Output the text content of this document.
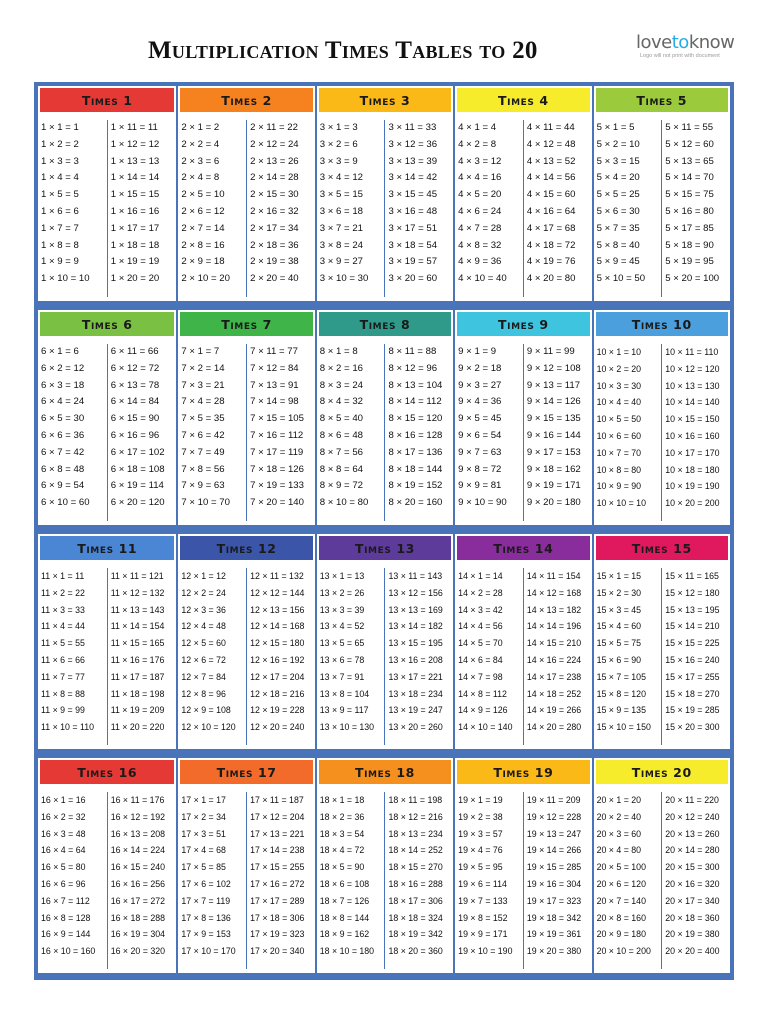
Multiplication Times Tables to 20	lovetoknow
Logo will not print with document
Times 1
1 × 1 = 1
1 × 2 = 2
1 × 3 = 3
1 × 4 = 4
1 × 5 = 5
1 × 6 = 6
1 × 7 = 7
1 × 8 = 8
1 × 9 = 9
1 × 10 = 10
1 × 11 = 11
1 × 12 = 12
1 × 13 = 13
1 × 14 = 14
1 × 15 = 15
1 × 16 = 16
1 × 17 = 17
1 × 18 = 18
1 × 19 = 19
1 × 20 = 20
Times 2
2 × 1 = 2
2 × 2 = 4
2 × 3 = 6
2 × 4 = 8
2 × 5 = 10
2 × 6 = 12
2 × 7 = 14
2 × 8 = 16
2 × 9 = 18
2 × 10 = 20
2 × 11 = 22
2 × 12 = 24
2 × 13 = 26
2 × 14 = 28
2 × 15 = 30
2 × 16 = 32
2 × 17 = 34
2 × 18 = 36
2 × 19 = 38
2 × 20 = 40
Times 3
3 × 1 = 3
3 × 2 = 6
3 × 3 = 9
3 × 4 = 12
3 × 5 = 15
3 × 6 = 18
3 × 7 = 21
3 × 8 = 24
3 × 9 = 27
3 × 10 = 30
3 × 11 = 33
3 × 12 = 36
3 × 13 = 39
3 × 14 = 42
3 × 15 = 45
3 × 16 = 48
3 × 17 = 51
3 × 18 = 54
3 × 19 = 57
3 × 20 = 60
Times 4
4 × 1 = 4
4 × 2 = 8
4 × 3 = 12
4 × 4 = 16
4 × 5 = 20
4 × 6 = 24
4 × 7 = 28
4 × 8 = 32
4 × 9 = 36
4 × 10 = 40
4 × 11 = 44
4 × 12 = 48
4 × 13 = 52
4 × 14 = 56
4 × 15 = 60
4 × 16 = 64
4 × 17 = 68
4 × 18 = 72
4 × 19 = 76
4 × 20 = 80
Times 5
5 × 1 = 5
5 × 2 = 10
5 × 3 = 15
5 × 4 = 20
5 × 5 = 25
5 × 6 = 30
5 × 7 = 35
5 × 8 = 40
5 × 9 = 45
5 × 10 = 50
5 × 11 = 55
5 × 12 = 60
5 × 13 = 65
5 × 14 = 70
5 × 15 = 75
5 × 16 = 80
5 × 17 = 85
5 × 18 = 90
5 × 19 = 95
5 × 20 = 100
Times 6
6 × 1 = 6
6 × 2 = 12
6 × 3 = 18
6 × 4 = 24
6 × 5 = 30
6 × 6 = 36
6 × 7 = 42
6 × 8 = 48
6 × 9 = 54
6 × 10 = 60
6 × 11 = 66
6 × 12 = 72
6 × 13 = 78
6 × 14 = 84
6 × 15 = 90
6 × 16 = 96
6 × 17 = 102
6 × 18 = 108
6 × 19 = 114
6 × 20 = 120
Times 7
7 × 1 = 7
7 × 2 = 14
7 × 3 = 21
7 × 4 = 28
7 × 5 = 35
7 × 6 = 42
7 × 7 = 49
7 × 8 = 56
7 × 9 = 63
7 × 10 = 70
7 × 11 = 77
7 × 12 = 84
7 × 13 = 91
7 × 14 = 98
7 × 15 = 105
7 × 16 = 112
7 × 17 = 119
7 × 18 = 126
7 × 19 = 133
7 × 20 = 140
Times 8
8 × 1 = 8
8 × 2 = 16
8 × 3 = 24
8 × 4 = 32
8 × 5 = 40
8 × 6 = 48
8 × 7 = 56
8 × 8 = 64
8 × 9 = 72
8 × 10 = 80
8 × 11 = 88
8 × 12 = 96
8 × 13 = 104
8 × 14 = 112
8 × 15 = 120
8 × 16 = 128
8 × 17 = 136
8 × 18 = 144
8 × 19 = 152
8 × 20 = 160
Times 9
9 × 1 = 9
9 × 2 = 18
9 × 3 = 27
9 × 4 = 36
9 × 5 = 45
9 × 6 = 54
9 × 7 = 63
9 × 8 = 72
9 × 9 = 81
9 × 10 = 90
9 × 11 = 99
9 × 12 = 108
9 × 13 = 117
9 × 14 = 126
9 × 15 = 135
9 × 16 = 144
9 × 17 = 153
9 × 18 = 162
9 × 19 = 171
9 × 20 = 180
Times 10
10 × 1 = 10
10 × 2 = 20
10 × 3 = 30
10 × 4 = 40
10 × 5 = 50
10 × 6 = 60
10 × 7 = 70
10 × 8 = 80
10 × 9 = 90
10 × 10 = 10
10 × 11 = 110
10 × 12 = 120
10 × 13 = 130
10 × 14 = 140
10 × 15 = 150
10 × 16 = 160
10 × 17 = 170
10 × 18 = 180
10 × 19 = 190
10 × 20 = 200
Times 11
11 × 1 = 11
11 × 2 = 22
11 × 3 = 33
11 × 4 = 44
11 × 5 = 55
11 × 6 = 66
11 × 7 = 77
11 × 8 = 88
11 × 9 = 99
11 × 10 = 110
11 × 11 = 121
11 × 12 = 132
11 × 13 = 143
11 × 14 = 154
11 × 15 = 165
11 × 16 = 176
11 × 17 = 187
11 × 18 = 198
11 × 19 = 209
11 × 20 = 220
Times 12
12 × 1 = 12
12 × 2 = 24
12 × 3 = 36
12 × 4 = 48
12 × 5 = 60
12 × 6 = 72
12 × 7 = 84
12 × 8 = 96
12 × 9 = 108
12 × 10 = 120
12 × 11 = 132
12 × 12 = 144
12 × 13 = 156
12 × 14 = 168
12 × 15 = 180
12 × 16 = 192
12 × 17 = 204
12 × 18 = 216
12 × 19 = 228
12 × 20 = 240
Times 13
13 × 1 = 13
13 × 2 = 26
13 × 3 = 39
13 × 4 = 52
13 × 5 = 65
13 × 6 = 78
13 × 7 = 91
13 × 8 = 104
13 × 9 = 117
13 × 10 = 130
13 × 11 = 143
13 × 12 = 156
13 × 13 = 169
13 × 14 = 182
13 × 15 = 195
13 × 16 = 208
13 × 17 = 221
13 × 18 = 234
13 × 19 = 247
13 × 20 = 260
Times 14
14 × 1 = 14
14 × 2 = 28
14 × 3 = 42
14 × 4 = 56
14 × 5 = 70
14 × 6 = 84
14 × 7 = 98
14 × 8 = 112
14 × 9 = 126
14 × 10 = 140
14 × 11 = 154
14 × 12 = 168
14 × 13 = 182
14 × 14 = 196
14 × 15 = 210
14 × 16 = 224
14 × 17 = 238
14 × 18 = 252
14 × 19 = 266
14 × 20 = 280
Times 15
15 × 1 = 15
15 × 2 = 30
15 × 3 = 45
15 × 4 = 60
15 × 5 = 75
15 × 6 = 90
15 × 7 = 105
15 × 8 = 120
15 × 9 = 135
15 × 10 = 150
15 × 11 = 165
15 × 12 = 180
15 × 13 = 195
15 × 14 = 210
15 × 15 = 225
15 × 16 = 240
15 × 17 = 255
15 × 18 = 270
15 × 19 = 285
15 × 20 = 300
Times 16
16 × 1 = 16
16 × 2 = 32
16 × 3 = 48
16 × 4 = 64
16 × 5 = 80
16 × 6 = 96
16 × 7 = 112
16 × 8 = 128
16 × 9 = 144
16 × 10 = 160
16 × 11 = 176
16 × 12 = 192
16 × 13 = 208
16 × 14 = 224
16 × 15 = 240
16 × 16 = 256
16 × 17 = 272
16 × 18 = 288
16 × 19 = 304
16 × 20 = 320
Times 17
17 × 1 = 17
17 × 2 = 34
17 × 3 = 51
17 × 4 = 68
17 × 5 = 85
17 × 6 = 102
17 × 7 = 119
17 × 8 = 136
17 × 9 = 153
17 × 10 = 170
17 × 11 = 187
17 × 12 = 204
17 × 13 = 221
17 × 14 = 238
17 × 15 = 255
17 × 16 = 272
17 × 17 = 289
17 × 18 = 306
17 × 19 = 323
17 × 20 = 340
Times 18
18 × 1 = 18
18 × 2 = 36
18 × 3 = 54
18 × 4 = 72
18 × 5 = 90
18 × 6 = 108
18 × 7 = 126
18 × 8 = 144
18 × 9 = 162
18 × 10 = 180
18 × 11 = 198
18 × 12 = 216
18 × 13 = 234
18 × 14 = 252
18 × 15 = 270
18 × 16 = 288
18 × 17 = 306
18 × 18 = 324
18 × 19 = 342
18 × 20 = 360
Times 19
19 × 1 = 19
19 × 2 = 38
19 × 3 = 57
19 × 4 = 76
19 × 5 = 95
19 × 6 = 114
19 × 7 = 133
19 × 8 = 152
19 × 9 = 171
19 × 10 = 190
19 × 11 = 209
19 × 12 = 228
19 × 13 = 247
19 × 14 = 266
19 × 15 = 285
19 × 16 = 304
19 × 17 = 323
19 × 18 = 342
19 × 19 = 361
19 × 20 = 380
Times 20
20 × 1 = 20
20 × 2 = 40
20 × 3 = 60
20 × 4 = 80
20 × 5 = 100
20 × 6 = 120
20 × 7 = 140
20 × 8 = 160
20 × 9 = 180
20 × 10 = 200
20 × 11 = 220
20 × 12 = 240
20 × 13 = 260
20 × 14 = 280
20 × 15 = 300
20 × 16 = 320
20 × 17 = 340
20 × 18 = 360
20 × 19 = 380
20 × 20 = 400
